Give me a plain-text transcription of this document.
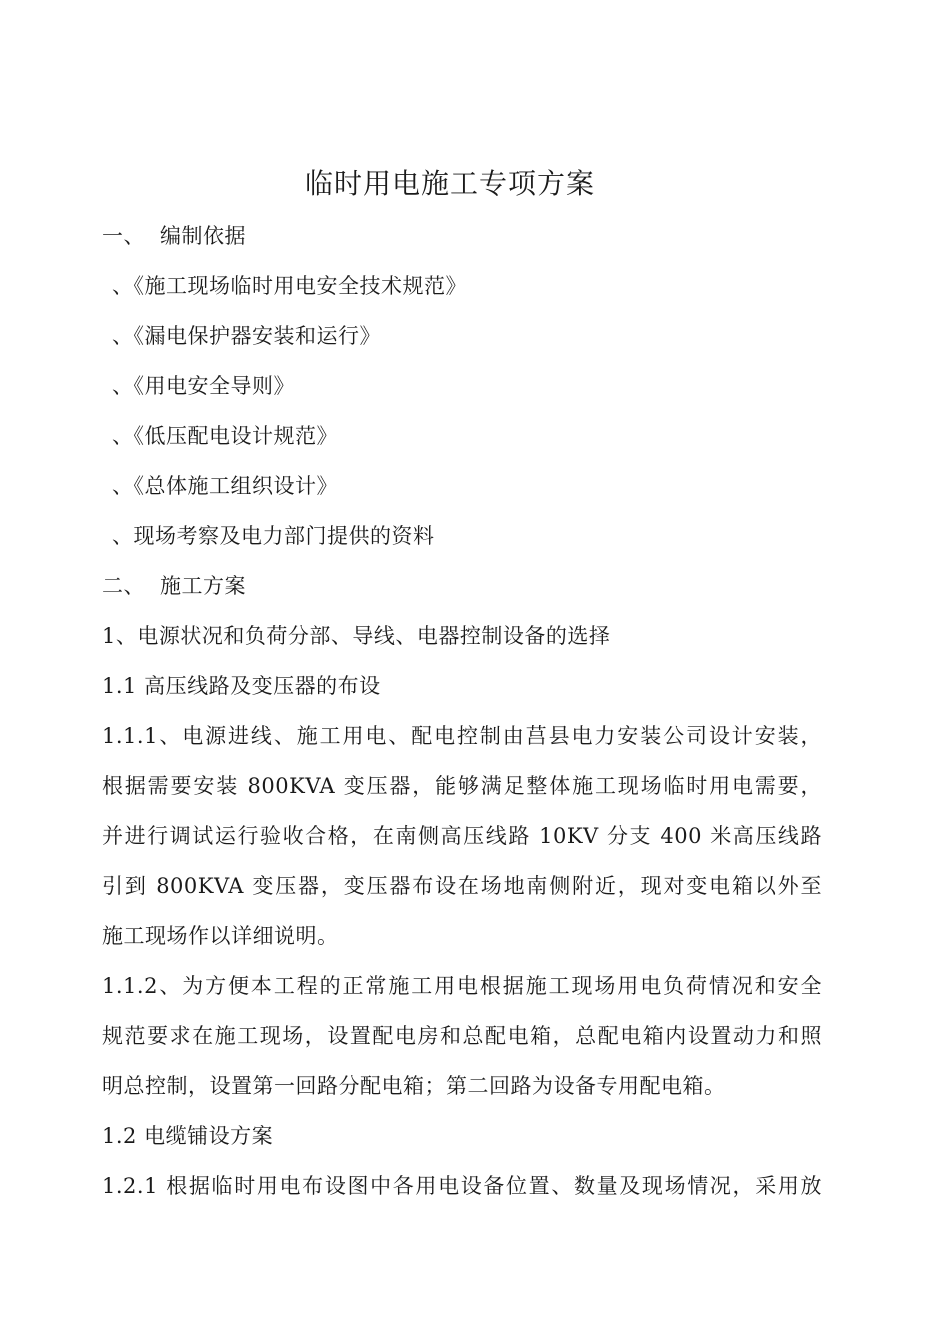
临时用电施工专项方案
一、 编制依据
、《施工现场临时用电安全技术规范》
、《漏电保护器安装和运行》
、《用电安全导则》
、《低压配电设计规范》
、《总体施工组织设计》
、现场考察及电力部门提供的资料
二、 施工方案
1、电源状况和负荷分部、导线、电器控制设备的选择
1.1 高压线路及变压器的布设
1.1.1、电源进线、施工用电、配电控制由莒县电力安装公司设计安装，
根据需要安装 800KVA 变压器，能够满足整体施工现场临时用电需要，
并进行调试运行验收合格，在南侧高压线路 10KV 分支 400 米高压线路
引到 800KVA 变压器，变压器布设在场地南侧附近，现对变电箱以外至
施工现场作以详细说明。
1.1.2、为方便本工程的正常施工用电根据施工现场用电负荷情况和安全
规范要求在施工现场，设置配电房和总配电箱，总配电箱内设置动力和照
明总控制，设置第一回路分配电箱；第二回路为设备专用配电箱。
1.2 电缆铺设方案
1.2.1 根据临时用电布设图中各用电设备位置、数量及现场情况，采用放
